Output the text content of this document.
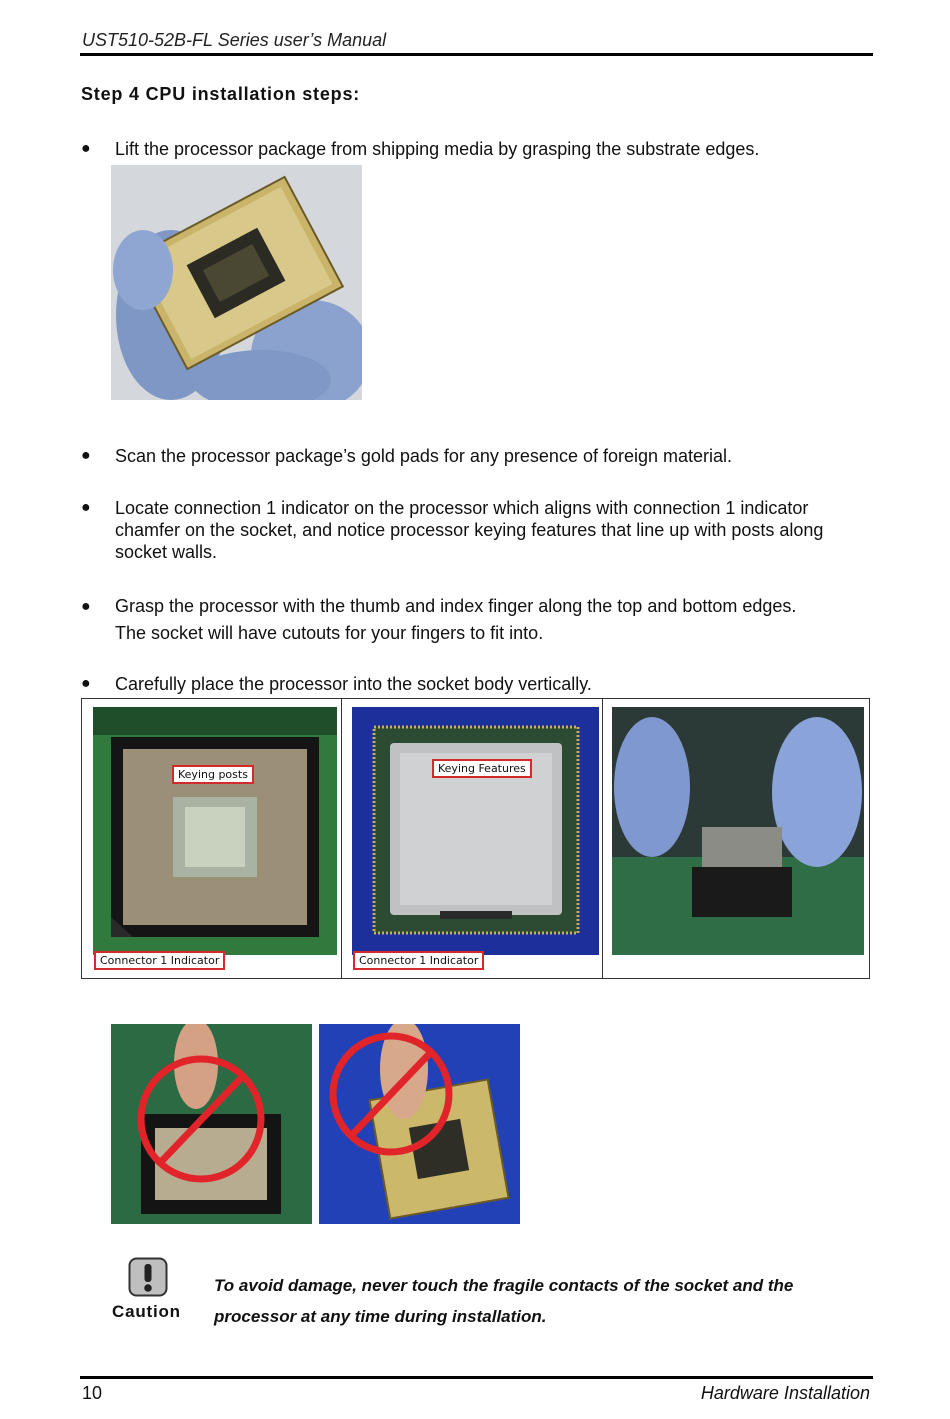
UST510-52B-FL Series user’s Manual
Step 4 CPU installation steps:
● Lift the processor package from shipping media by grasping the substrate edges.
● Scan the processor package’s gold pads for any presence of foreign material.
● Locate connection 1 indicator on the processor which aligns with connection 1 indicator
chamfer on the socket, and notice processor keying features that line up with posts along
socket walls.
● Grasp the processor with the thumb and index finger along the top and bottom edges.
The socket will have cutouts for your fingers to fit into.
● Carefully place the processor into the socket body vertically.
Keying posts
Connector 1 Indicator
Keying Features
Connector 1 Indicator
Caution
To avoid damage, never touch the fragile contacts of the socket and the
processor at any time during installation.
10	Hardware Installation
